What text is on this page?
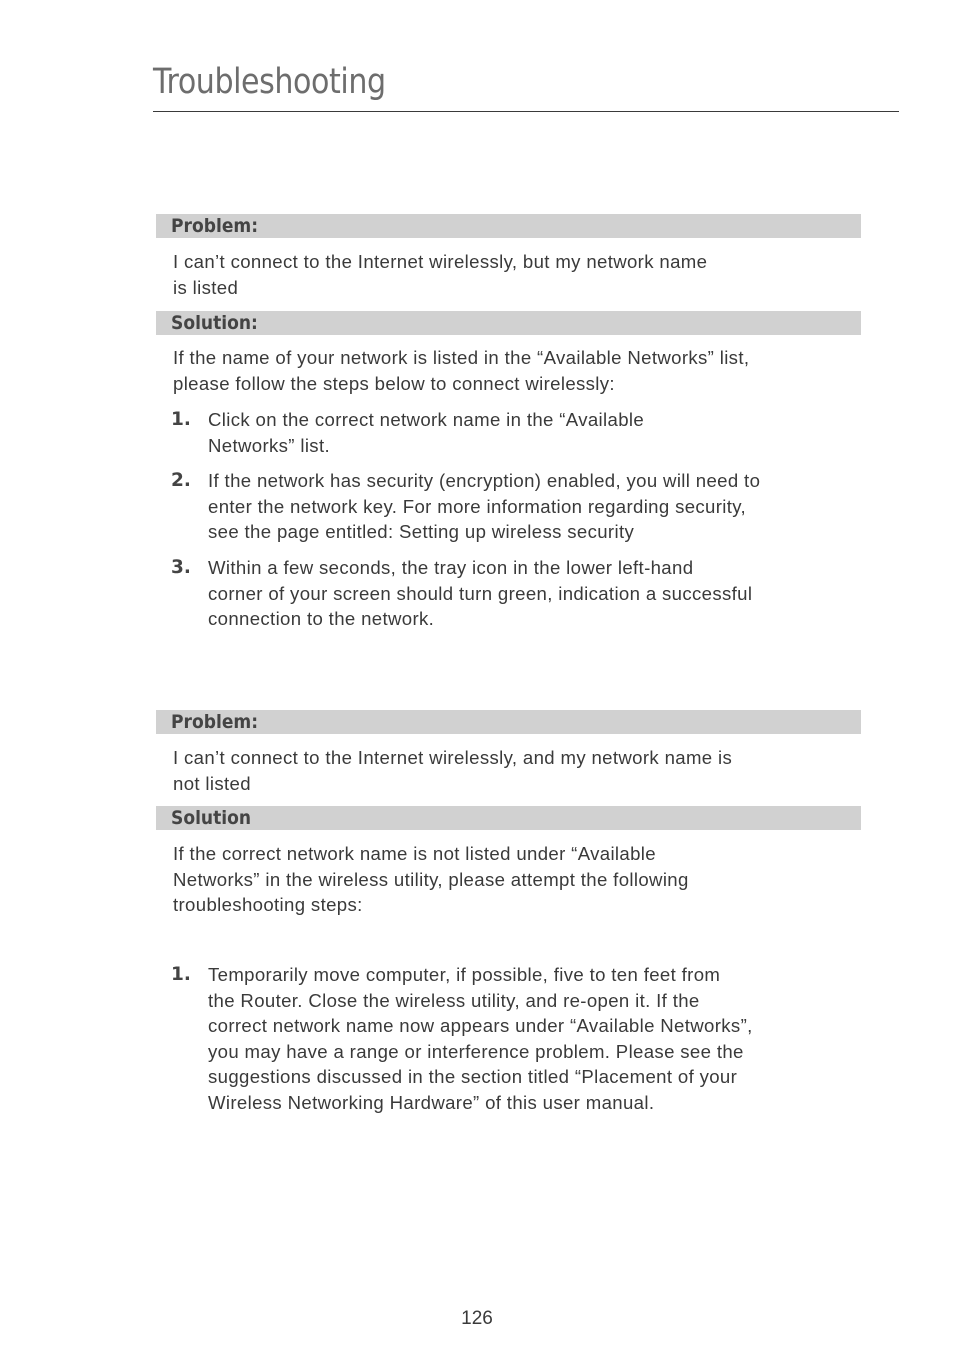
Troubleshooting
Problem:
I can’t connect to the Internet wirelessly, but my network name
is listed
Solution:
If the name of your network is listed in the “Available Networks” list,
please follow the steps below to connect wirelessly:
1. Click on the correct network name in the “Available
Networks” list.
2. If the network has security (encryption) enabled, you will need to
enter the network key. For more information regarding security,
see the page entitled: Setting up wireless security
3. Within a few seconds, the tray icon in the lower left-hand
corner of your screen should turn green, indication a successful
connection to the network.
Problem:
I can’t connect to the Internet wirelessly, and my network name is
not listed
Solution
If the correct network name is not listed under “Available
Networks” in the wireless utility, please attempt the following
troubleshooting steps:
1. Temporarily move computer, if possible, five to ten feet from
the Router. Close the wireless utility, and re-open it. If the
correct network name now appears under “Available Networks”,
you may have a range or interference problem. Please see the
suggestions discussed in the section titled “Placement of your
Wireless Networking Hardware” of this user manual.
126
